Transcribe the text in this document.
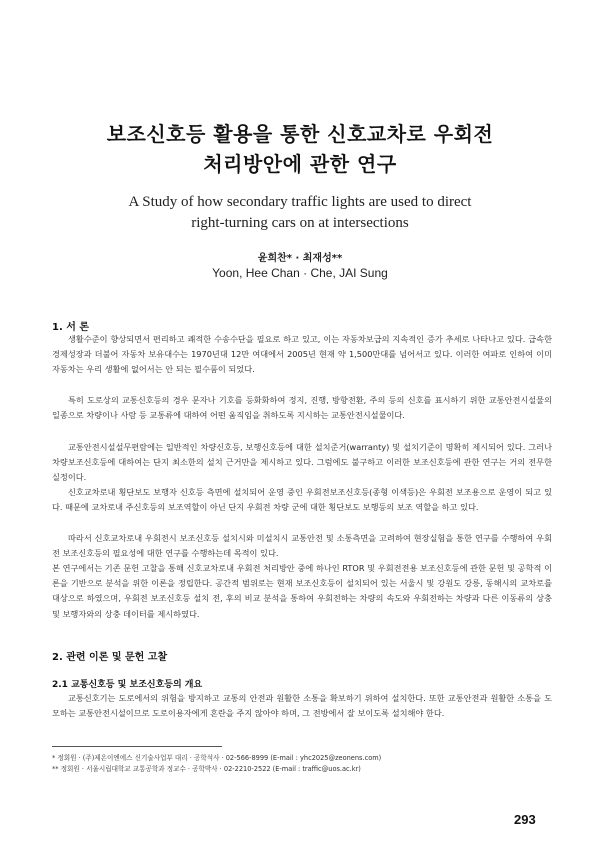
보조신호등 활용을 통한 신호교차로 우회전
처리방안에 관한 연구
A Study of how secondary traffic lights are used to direct
right-turning cars on at intersections
윤희찬* · 최재성**
Yoon, Hee Chan · Che, JAI Sung
1. 서 론

생활수준이 향상되면서 편리하고 쾌적한 수송수단을 필요로 하고 있고, 이는 자동차보급의 지속적인 증가 추세로 나타나고 있다. 급속한 경제성장과 더불어 자동차 보유대수는 1970년대 12만 여대에서 2005년 현재 약 1,500만대를 넘어서고 있다. 이러한 여파로 인하여 이미 자동차는 우리 생활에 없어서는 안 되는 필수품이 되었다.

특히 도로상의 교통신호등의 경우 문자나 기호를 등화화하여 정지, 진행, 방향전환, 주의 등의 신호를 표시하기 위한 교통안전시설물의 일종으로 차량이나 사람 등 교통류에 대하여 어떤 움직임을 취하도록 지시하는 교통안전시설물이다.

교통안전시설설무편람에는 일반적인 차량신호등, 보행신호등에 대한 설치준거(warranty) 및 설치기준이 명확히 제시되어 있다. 그러나 차량보조신호등에 대하여는 단지 최소한의 설치 근거만을 제시하고 있다. 그럼에도 불구하고 이러한 보조신호등에 관한 연구는 거의 전무한 실정이다.

신호교차로내 횡단보도 보행자 신호등 측면에 설치되어 운영 중인 우회전보조신호등(종형 이색등)은 우회전 보조용으로 운영이 되고 있다. 때문에 교차로내 주신호등의 보조역할이 아닌 단지 우회전 차량 군에 대한 횡단보도 보행등의 보조 역할을 하고 있다.

따라서 신호교차로내 우회전시 보조신호등 설치시와 미설치시 교통안전 및 소통측면을 고려하여 현장실험을 통한 연구를 수행하여 우회전 보조신호등의 필요성에 대한 연구를 수행하는데 목적이 있다.

본 연구에서는 기존 문헌 고찰을 통해 신호교차로내 우회전 처리방안 중에 하나인 RTOR 및 우회전전용 보조신호등에 관한 문헌 및 공학적 이론을 기반으로 분석을 위한 이론을 정립한다. 공간적 범위로는 현재 보조신호등이 설치되어 있는 서울시 및 강원도 강릉, 동해시의 교차로를 대상으로 하였으며, 우회전 보조신호등 설치 전, 후의 비교 분석을 통하여 우회전하는 차량의 속도와 우회전하는 차량과 다른 이동류의 상충 및 보행자와의 상충 데이터를 제시하였다.

2. 관련 이론 및 문헌 고찰
2.1 교통신호등 및 보조신호등의 개요

교통신호기는 도로에서의 위험을 방지하고 교통의 안전과 원활한 소통을 확보하기 위하여 설치한다. 또한 교통안전과 원활한 소통을 도모하는 교통안전시설이므로 도로이용자에게 혼란을 주지 않아야 하며, 그 전방에서 잘 보이도록 설치해야 한다.

* 정회원 · (주)제온이엔에스 신기술사업부 대리 · 공학석사 · 02-566-8999 (E-mail : yhc2025@zeonens.com)
** 정회원 · 서울시립대학교 교통공학과 정교수 · 공학박사 · 02-2210-2522 (E-mail : traffic@uos.ac.kr)
293
